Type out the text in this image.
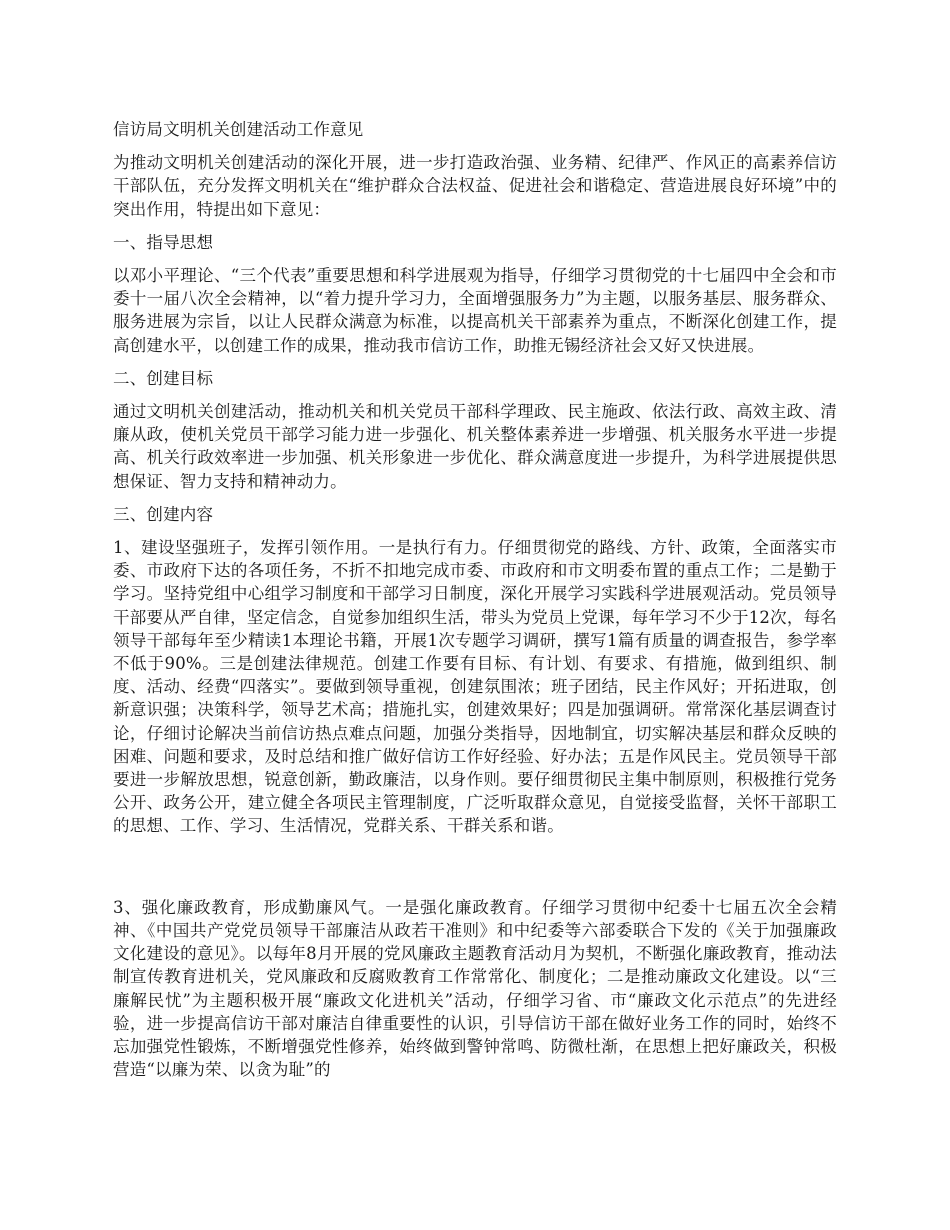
信访局文明机关创建活动工作意见

为推动文明机关创建活动的深化开展，进一步打造政治强、业务精、纪律严、作风正的高素养信访干部队伍，充分发挥文明机关在“维护群众合法权益、促进社会和谐稳定、营造进展良好环境”中的突出作用，特提出如下意见：

一、指导思想

以邓小平理论、“三个代表”重要思想和科学进展观为指导，仔细学习贯彻党的十七届四中全会和市委十一届八次全会精神，以“着力提升学习力，全面增强服务力”为主题，以服务基层、服务群众、服务进展为宗旨，以让人民群众满意为标准，以提高机关干部素养为重点，不断深化创建工作，提高创建水平，以创建工作的成果，推动我市信访工作，助推无锡经济社会又好又快进展。

二、创建目标

通过文明机关创建活动，推动机关和机关党员干部科学理政、民主施政、依法行政、高效主政、清廉从政，使机关党员干部学习能力进一步强化、机关整体素养进一步增强、机关服务水平进一步提高、机关行政效率进一步加强、机关形象进一步优化、群众满意度进一步提升，为科学进展提供思想保证、智力支持和精神动力。

三、创建内容

1、建设坚强班子，发挥引领作用。一是执行有力。仔细贯彻党的路线、方针、政策，全面落实市委、市政府下达的各项任务，不折不扣地完成市委、市政府和市文明委布置的重点工作；二是勤于学习。坚持党组中心组学习制度和干部学习日制度，深化开展学习实践科学进展观活动。党员领导干部要从严自律，坚定信念，自觉参加组织生活，带头为党员上党课，每年学习不少于12次，每名领导干部每年至少精读1本理论书籍，开展1次专题学习调研，撰写1篇有质量的调查报告，参学率不低于90%。三是创建法律规范。创建工作要有目标、有计划、有要求、有措施，做到组织、制度、活动、经费“四落实”。要做到领导重视，创建氛围浓；班子团结，民主作风好；开拓进取，创新意识强；决策科学，领导艺术高；措施扎实，创建效果好；四是加强调研。常常深化基层调查讨论，仔细讨论解决当前信访热点难点问题，加强分类指导，因地制宜，切实解决基层和群众反映的困难、问题和要求，及时总结和推广做好信访工作好经验、好办法；五是作风民主。党员领导干部要进一步解放思想，锐意创新，勤政廉洁，以身作则。要仔细贯彻民主集中制原则，积极推行党务公开、政务公开，建立健全各项民主管理制度，广泛听取群众意见，自觉接受监督，关怀干部职工的思想、工作、学习、生活情况，党群关系、干群关系和谐。

3、强化廉政教育，形成勤廉风气。一是强化廉政教育。仔细学习贯彻中纪委十七届五次全会精神、《中国共产党党员领导干部廉洁从政若干准则》和中纪委等六部委联合下发的《关于加强廉政文化建设的意见》。以每年8月开展的党风廉政主题教育活动月为契机，不断强化廉政教育，推动法制宣传教育进机关，党风廉政和反腐败教育工作常常化、制度化；二是推动廉政文化建设。以“三廉解民忧”为主题积极开展“廉政文化进机关”活动，仔细学习省、市“廉政文化示范点”的先进经验，进一步提高信访干部对廉洁自律重要性的认识，引导信访干部在做好业务工作的同时，始终不忘加强党性锻炼，不断增强党性修养，始终做到警钟常鸣、防微杜渐，在思想上把好廉政关，积极营造“以廉为荣、以贪为耻”的
